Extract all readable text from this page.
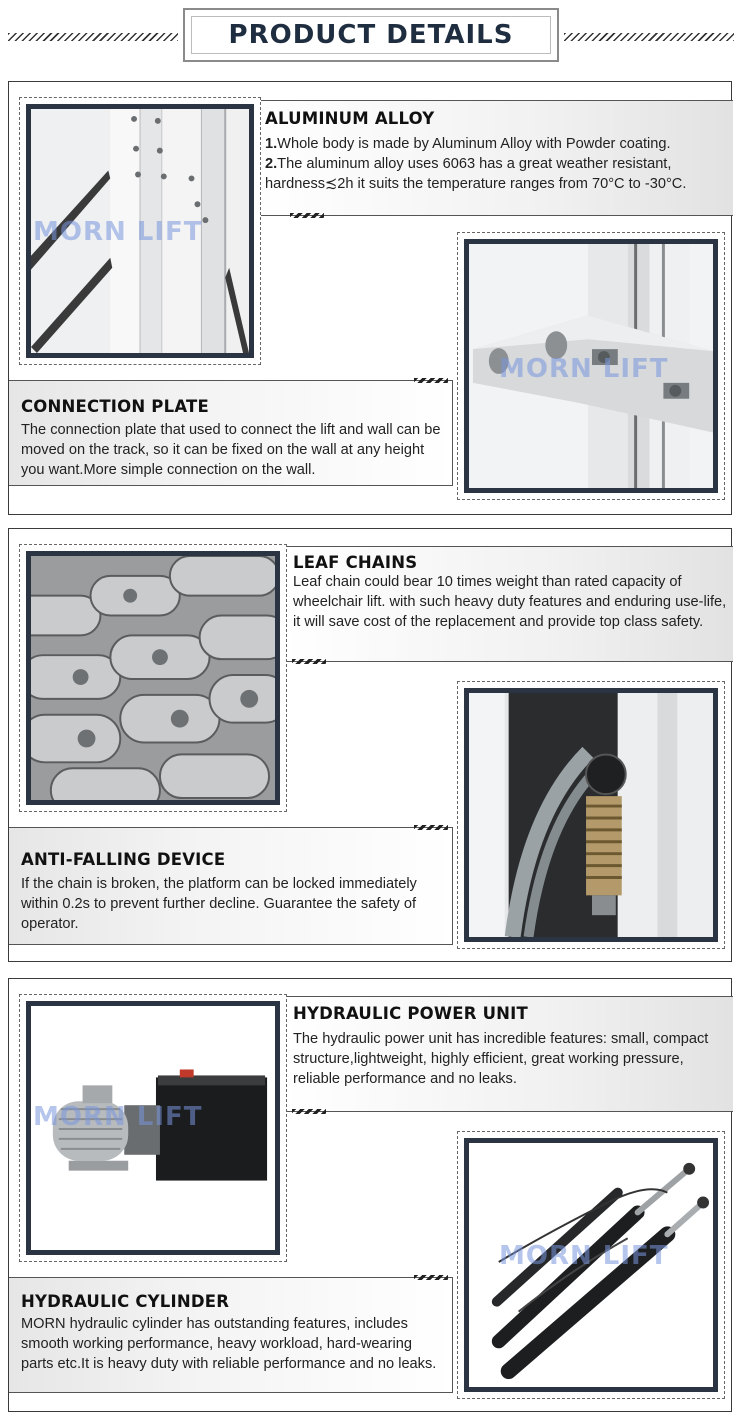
PRODUCT DETAILS
ALUMINUM ALLOY
1.Whole body is made by Aluminum Alloy with Powder coating.
2.The aluminum alloy uses 6063 has a great weather resistant, hardness≾2h it suits the temperature ranges from 70°C to -30°C.
MORN LIFT
CONNECTION PLATE
The connection plate that used to connect the lift and wall can be moved on the track, so it can be fixed on the wall at any height you want.More simple connection on the wall.
MORN LIFT
LEAF CHAINS
Leaf chain could bear 10 times weight than rated capacity of wheelchair lift. with such heavy duty features and enduring use-life, it will save cost of the replacement and provide top class safety.
ANTI-FALLING DEVICE
If the chain is broken, the platform can be locked immediately within 0.2s to prevent further decline. Guarantee the safety of operator.
HYDRAULIC POWER UNIT
The hydraulic power unit has incredible features: small, compact structure,lightweight, highly efficient, great working pressure, reliable performance and no leaks.
MORN LIFT
HYDRAULIC CYLINDER
MORN hydraulic cylinder has outstanding features, includes smooth working performance, heavy workload, hard-wearing parts etc.It is heavy duty with reliable performance and no leaks.
MORN LIFT
